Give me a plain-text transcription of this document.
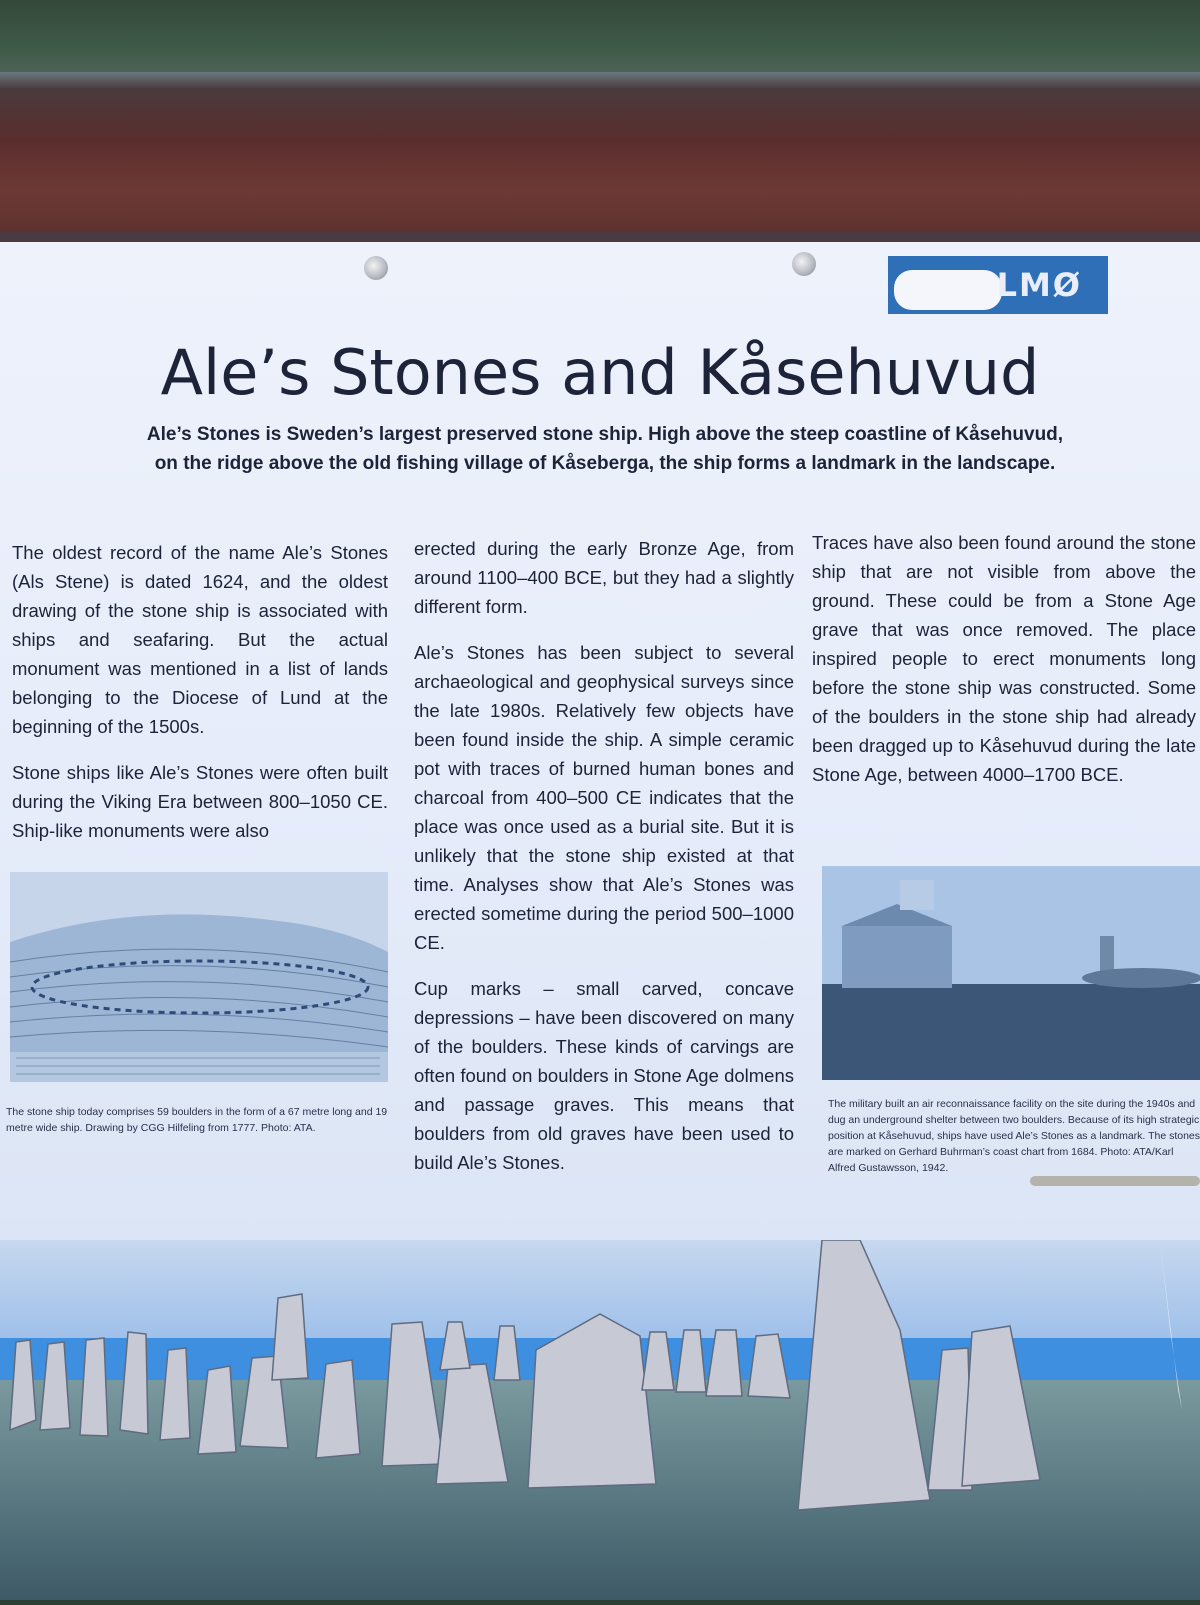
LMØ
Ale’s Stones and Kåsehuvud
Ale’s Stones is Sweden’s largest preserved stone ship. High above the steep coastline of Kåsehuvud,
on the ridge above the old fishing village of Kåseberga, the ship forms a landmark in the landscape.

The oldest record of the name Ale’s Stones (Als Stene) is dated 1624, and the oldest drawing of the stone ship is associated with ships and seafaring. But the actual monument was mentioned in a list of lands belonging to the Diocese of Lund at the beginning of the 1500s.

Stone ships like Ale’s Stones were often built during the Viking Era between 800–1050 CE. Ship-like monuments were also

erected during the early Bronze Age, from around 1100–400 BCE, but they had a slightly different form.

Ale’s Stones has been subject to several archaeological and geophysical surveys since the late 1980s. Relatively few objects have been found inside the ship. A simple ceramic pot with traces of burned human bones and charcoal from 400–500 CE indicates that the place was once used as a burial site. But it is unlikely that the stone ship existed at that time. Analyses show that Ale’s Stones was erected sometime during the period 500–1000 CE.

Cup marks – small carved, concave depressions – have been discovered on many of the boulders. These kinds of carvings are often found on boulders in Stone Age dolmens and passage graves. This means that boulders from old graves have been used to build Ale’s Stones.

Traces have also been found around the stone ship that are not visible from above the ground. These could be from a Stone Age grave that was once removed. The place inspired people to erect monuments long before the stone ship was constructed. Some of the boulders in the stone ship had already been dragged up to Kåsehuvud during the late Stone Age, between 4000–1700 BCE.

The stone ship today comprises 59 boulders in the form of a 67 metre long and 19 metre wide ship. Drawing by CGG Hilfeling from 1777. Photo: ATA.
The military built an air reconnaissance facility on the site during the 1940s and dug an underground shelter between two boulders. Because of its high strategic position at Kåsehuvud, ships have used Ale’s Stones as a landmark. The stones are marked on Gerhard Buhrman’s coast chart from 1684. Photo: ATA/Karl Alfred Gustawsson, 1942.
